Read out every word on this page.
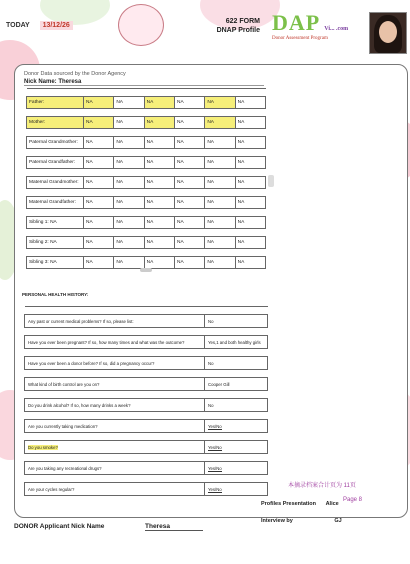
TODAY 13/12/26
622 FORM
DNAP Profile DAP Vi... .com
Donor Assessment Program
Donor Data sourced by the Donor Agency
Nick Name: Theresa

Father:	NA	NA	NA	NA	NA	NA

Mother:	NA	NA	NA	NA	NA	NA

Paternal Grandmother:	NA	NA	NA	NA	NA	NA

Paternal Grandfather:	NA	NA	NA	NA	NA	NA

Maternal Grandmother:	NA	NA	NA	NA	NA	NA

Maternal Grandfather:	NA	NA	NA	NA	NA	NA

Sibling 1: NA	NA	NA	NA	NA	NA	NA

Sibling 2: NA	NA	NA	NA	NA	NA	NA

Sibling 3: NA	NA	NA	NA	NA	NA	NA
PERSONAL HEALTH HISTORY:

Any past or current medical problems? If so, please list:	No

Have you ever been pregnant? If so, how many times and what was the outcome?	Yes,1 and both healthy girls

Have you ever been a donor before? If so, did a pregnancy occur?	No

What kind of birth control are you on?	Cooper Gill

Do you drink alcohol? If so, how many drinks a week?	No

Are you currently taking medication?	Yes/No

Do you smoke?	Yes/No

Are you taking any recreational drugs?	Yes/No

Are your cycles regular?	Yes/No	本摘录档案合计页为 11页
Page 8
Profiles Presentation Alice
Interview by	GJ
DONOR Applicant Nick Name	Theresa
